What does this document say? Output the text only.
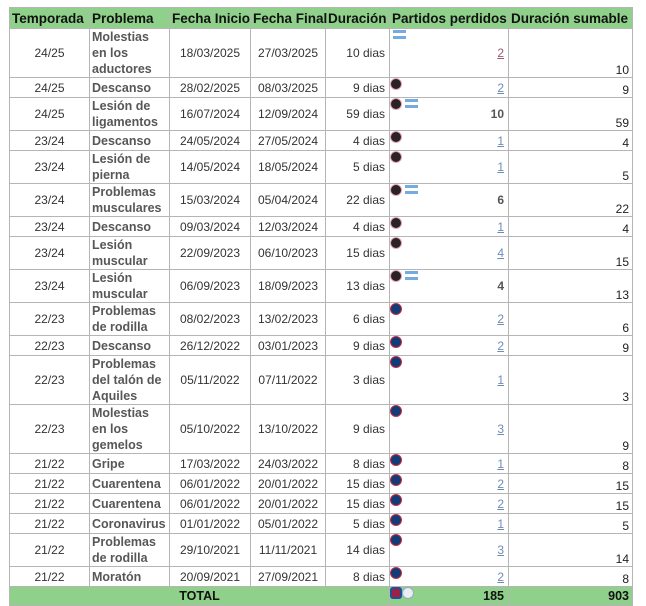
Temporada	Problema	Fecha Inicio	Fecha Final	Duración	Partidos perdidos	Duración sumable
24/25	Molestias en los aductores	18/03/2025	27/03/2025	10 dias	2	10
24/25	Descanso	28/02/2025	08/03/2025	9 dias	2	9
24/25	Lesión de ligamentos	16/07/2024	12/09/2024	59 dias	10	59
23/24	Descanso	24/05/2024	27/05/2024	4 dias	1	4
23/24	Lesión de pierna	14/05/2024	18/05/2024	5 dias	1	5
23/24	Problemas musculares	15/03/2024	05/04/2024	22 dias	6	22
23/24	Descanso	09/03/2024	12/03/2024	4 dias	1	4
23/24	Lesión muscular	22/09/2023	06/10/2023	15 dias	4	15
23/24	Lesión muscular	06/09/2023	18/09/2023	13 dias	4	13
22/23	Problemas de rodilla	08/02/2023	13/02/2023	6 dias	2	6
22/23	Descanso	26/12/2022	03/01/2023	9 dias	2	9
22/23	Problemas del talón de Aquiles	05/11/2022	07/11/2022	3 dias	1	3
22/23	Molestias en los gemelos	05/10/2022	13/10/2022	9 dias	3	9
21/22	Gripe	17/03/2022	24/03/2022	8 dias	1	8
21/22	Cuarentena	06/01/2022	20/01/2022	15 dias	2	15
21/22	Cuarentena	06/01/2022	20/01/2022	15 dias	2	15
21/22	Coronavirus	01/01/2022	05/01/2022	5 dias	1	5
21/22	Problemas de rodilla	29/10/2021	11/11/2021	14 dias	3	14
21/22	Moratón	20/09/2021	27/09/2021	8 dias	2	8
TOTAL					185	903
